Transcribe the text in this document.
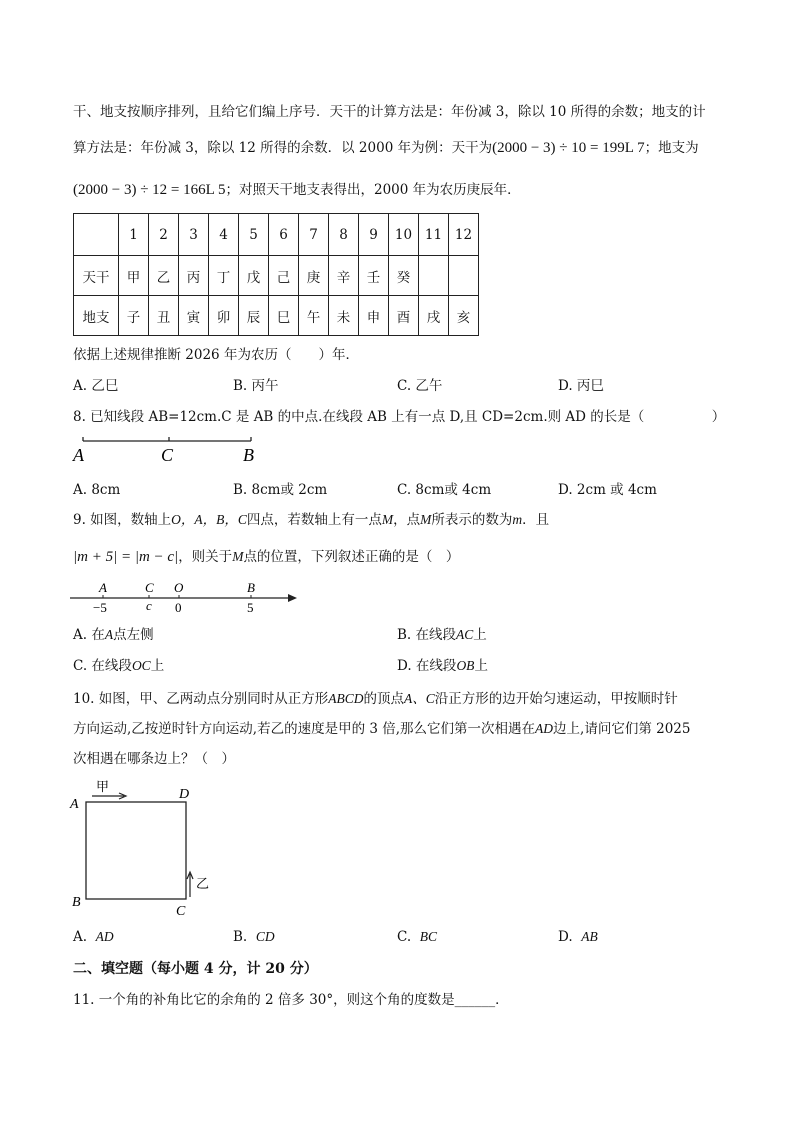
干、地支按顺序排列，且给它们编上序号．天干的计算方法是：年份减 3，除以 10 所得的余数；地支的计
算方法是：年份减 3，除以 12 所得的余数．以 2000 年为例：天干为(2000 − 3) ÷ 10 = 199L 7；地支为
(2000 − 3) ÷ 12 = 166L 5；对照天干地支表得出，2000 年为农历庚辰年．
	1	2	3	4	5	6	7	8	9	10	11	12
天干	甲	乙	丙	丁	戊	己	庚	辛	壬	癸		
地支	子	丑	寅	卯	辰	巳	午	未	申	酉	戌	亥
依据上述规律推断 2026 年为农历（　　）年．
A. 乙巳	B. 丙午	C. 乙午	D. 丙巳
8. 已知线段 AB=12cm.C 是 AB 的中点.在线段 AB 上有一点 D,且 CD=2cm.则 AD 的长是（　　　　　）
A	C	B
A. 8cm	B. 8cm或 2cm	C. 8cm或 4cm	D. 2cm 或 4cm
9. 如图，数轴上O，A，B，C四点，若数轴上有一点M，点M所表示的数为m．且
|m + 5| = |m − c|，则关于M点的位置，下列叙述正确的是（　）
A	C O	B
−5	c 0	5
A. 在A点左侧	B. 在线段AC上
C. 在线段OC上	D. 在线段OB上
10. 如图，甲、乙两动点分别同时从正方形ABCD的顶点A、C沿正方形的边开始匀速运动，甲按顺时针
方向运动,乙按逆时针方向运动,若乙的速度是甲的 3 倍,那么它们第一次相遇在AD边上,请问它们第 2025
次相遇在哪条边上？（　）
A
D
B
C
甲
乙
A. AD	B. CD	C. BC	D. AB
二、填空题（每小题 4 分，计 20 分）
11. 一个角的补角比它的余角的 2 倍多 30°，则这个角的度数是______．
